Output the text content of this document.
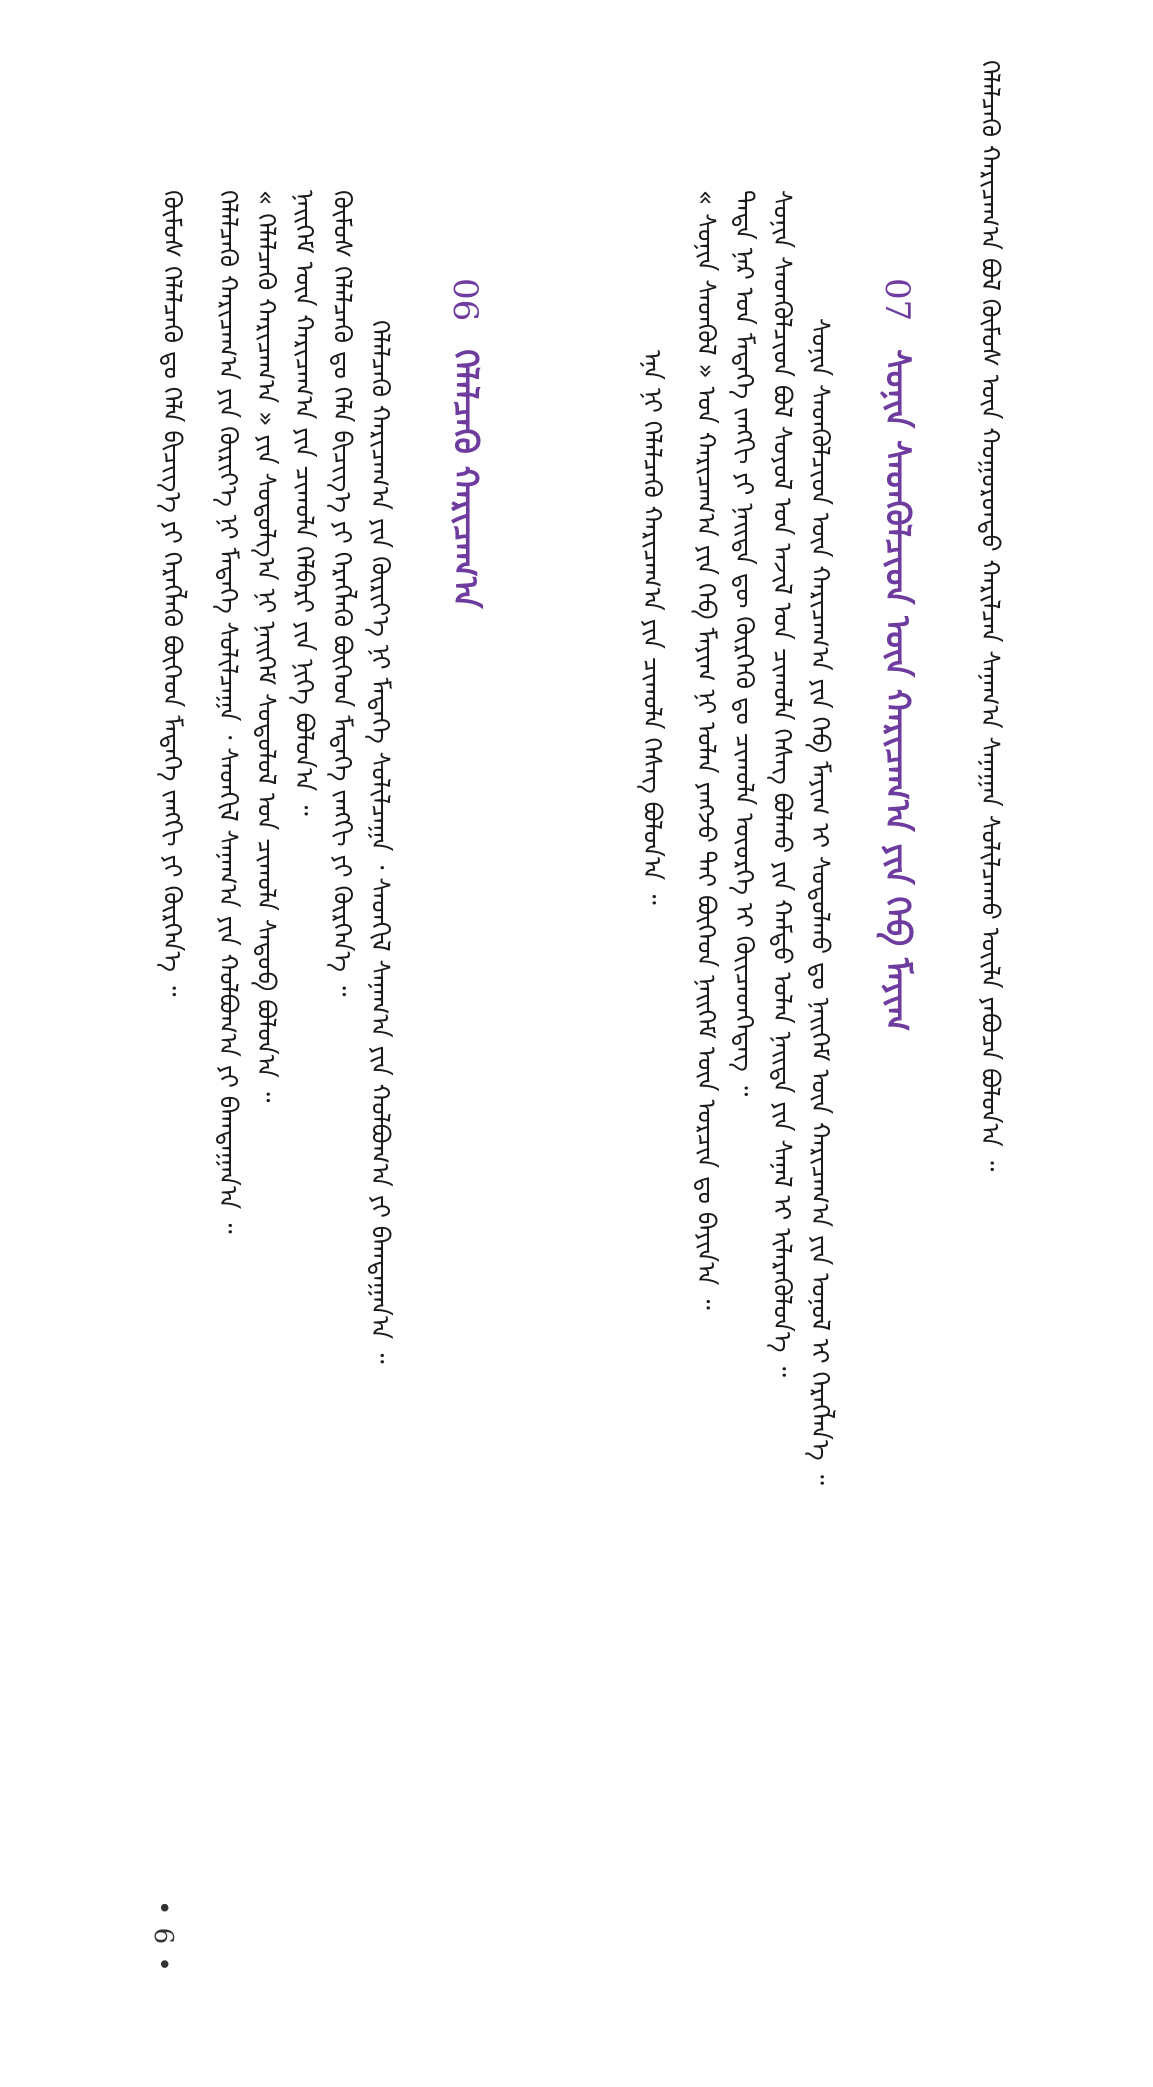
ᠬᠡᠯᠡᠯᠴᠡᠬᠦ ᠬᠠᠷᠢᠴᠠᠭ᠎ᠠ ᠪᠣᠯ ᠬᠦᠮᠦᠰ ᠦᠨ ᠬᠣᠭᠣᠷᠣᠨᠳᠣ ᠬᠠᠷᠢᠯᠴᠠᠨ ᠰᠠᠨᠠᠭ᠎ᠠ ᠰᠠᠨᠠᠭᠠᠨ ᠰᠣᠯᠢᠯᠴᠠᠬᠤ ᠦᠢᠯᠡ ᠶᠠᠪᠤᠴᠠ ᠪᠣᠯᠣᠨ᠎ᠠ ᠃
07 ᠰᠣᠨᠢᠨ ᠰᠡᠳᠬᠦᠯᠴᠢᠳ ᠦᠨ ᠬᠠᠷᠢᠴᠠᠭ᠎ᠠ ᠶᠢᠨ ᠬᠡᠪ ᠮᠠᠶᠢᠭ
ᠰᠣᠨᠢᠨ ᠰᠡᠳᠬᠦᠯᠴᠢᠳ ᠦᠨ ᠬᠠᠷᠢᠴᠠᠭ᠎ᠠ ᠶᠢᠨ ᠬᠡᠪ ᠮᠠᠶᠢᠭ ᠢ ᠰᠤᠳᠤᠯᠬᠤ ᠳᠤ ᠨᠡᠢᠭᠡᠮ ᠦᠨ ᠬᠠᠷᠢᠴᠠᠭ᠎ᠠ ᠶᠢᠨ ᠣᠨᠣᠯ ᠢ ᠬᠡᠷᠡᠭᠯᠡᠨ᠎ᠡ ᠃
ᠰᠣᠨᠢᠨ ᠰᠡᠳᠬᠦᠯᠴᠢᠳ ᠪᠣᠯ ᠰᠣᠶᠣᠯ ᠤᠨ ᠠᠵᠢᠯ ᠤᠨ ᠴᠢᠬᠤᠯᠠ ᠬᠡᠰᠡᠭ ᠪᠣᠯᠬᠤ ᠶᠢᠨ ᠬᠠᠮᠲᠤ ᠣᠯᠠᠨ ᠨᠡᠢᠲᠡ ᠶᠢᠨ ᠰᠠᠨᠠᠯ ᠢ ᠢᠯᠡᠷᠡᠬᠦᠯᠦᠨ᠎ᠡ ᠃
ᠲᠡᠳᠡ ᠨᠠᠷ ᠤᠨ ᠮᠡᠳᠡᠭᠡ ᠵᠠᠩᠭᠢ ᠶᠢ ᠨᠡᠢᠲᠡ ᠳᠦ ᠬᠦᠷᠭᠡᠬᠦ ᠳᠤ ᠴᠢᠬᠤᠯᠠ ᠦᠦᠷᠭᠡ ᠢ ᠭᠦᠢᠴᠡᠳᠭᠡᠳᠡᠭ ᠃
« ᠰᠣᠨᠢᠨ ᠰᠡᠳᠬᠦᠯ » ᠤᠨ ᠬᠠᠷᠢᠴᠠᠭ᠎ᠠ ᠶᠢᠨ ᠬᠡᠪ ᠮᠠᠶᠢᠭ ᠨᠢ ᠣᠯᠠᠨ ᠶᠠᠩᠵᠤ ᠲᠠᠢ ᠪᠥᠭᠡᠳ ᠨᠡᠢᠭᠡᠮ ᠦᠨ ᠣᠷᠴᠢᠨ ᠳᠤ ᠪᠠᠶᠢᠨ᠎ᠠ ᠃
ᠡᠨᠡ ᠨᠢ ᠬᠡᠯᠡᠯᠴᠡᠬᠦ ᠬᠠᠷᠢᠴᠠᠭ᠎ᠠ ᠶᠢᠨ ᠴᠢᠬᠤᠯᠠ ᠬᠡᠰᠡᠭ ᠪᠣᠯᠣᠨ᠎ᠠ ᠃
06 ᠬᠡᠯᠡᠯᠴᠡᠬᠦ ᠬᠠᠷᠢᠴᠠᠭ᠎ᠠ
ᠬᠡᠯᠡᠯᠴᠡᠬᠦ ᠬᠠᠷᠢᠴᠠᠭ᠎ᠠ ᠶᠢᠨ ᠬᠦᠷᠢᠶ᠎ᠡ ᠨᠢ ᠮᠡᠳᠡᠭᠡ ᠰᠣᠯᠢᠯᠴᠠᠭᠠ ᠂ ᠰᠡᠳᠬᠢᠯ ᠰᠠᠨᠠᠭ᠎ᠠ ᠶᠢᠨ ᠬᠣᠯᠪᠣᠭ᠎ᠠ ᠶᠢ ᠪᠠᠭᠲᠠᠭᠠᠨ᠎ᠠ ᠃
ᠬᠦᠮᠦᠰ ᠬᠡᠯᠡᠯᠴᠡᠬᠦ ᠳᠤ ᠬᠡᠯᠡ ᠪᠢᠴᠢᠭ᠎ᠡ ᠶᠢ ᠬᠡᠷᠡᠭᠯᠡᠬᠦ ᠪᠥᠭᠡᠳ ᠮᠡᠳᠡᠭᠡ ᠵᠠᠩᠭᠢ ᠶᠢ ᠬᠦᠷᠭᠡᠨ᠎ᠡ ᠃
ᠨᠡᠢᠭᠡᠮ ᠦᠨ ᠬᠠᠷᠢᠴᠠᠭ᠎ᠠ ᠶᠢᠨ ᠴᠢᠬᠤᠯᠠ ᠬᠡᠯᠪᠡᠷᠢ ᠶᠢᠨ ᠨᠢᠭᠡ ᠪᠣᠯᠣᠨ᠎ᠠ ᠃
« ᠬᠡᠯᠡᠯᠴᠡᠬᠦ ᠬᠠᠷᠢᠴᠠᠭ᠎ᠠ » ᠶᠢᠨ ᠰᠤᠳᠤᠯᠭ᠎ᠠ ᠨᠢ ᠨᠡᠢᠭᠡᠮ ᠰᠤᠳᠤᠯᠤᠯ ᠤᠨ ᠴᠢᠬᠤᠯᠠ ᠰᠡᠳᠦᠪ ᠪᠣᠯᠣᠨ᠎ᠠ ᠃
ᠬᠡᠯᠡᠯᠴᠡᠬᠦ ᠬᠠᠷᠢᠴᠠᠭ᠎ᠠ ᠶᠢᠨ ᠬᠦᠷᠢᠶ᠎ᠡ ᠨᠢ ᠮᠡᠳᠡᠭᠡ ᠰᠣᠯᠢᠯᠴᠠᠭᠠ ᠂ ᠰᠡᠳᠬᠢᠯ ᠰᠠᠨᠠᠭ᠎ᠠ ᠶᠢᠨ ᠬᠣᠯᠪᠣᠭ᠎ᠠ ᠶᠢ ᠪᠠᠭᠲᠠᠭᠠᠨ᠎ᠠ ᠃
ᠬᠦᠮᠦᠰ ᠬᠡᠯᠡᠯᠴᠡᠬᠦ ᠳᠤ ᠬᠡᠯᠡ ᠪᠢᠴᠢᠭ᠎ᠡ ᠶᠢ ᠬᠡᠷᠡᠭᠯᠡᠬᠦ ᠪᠥᠭᠡᠳ ᠮᠡᠳᠡᠭᠡ ᠵᠠᠩᠭᠢ ᠶᠢ ᠬᠦᠷᠭᠡᠨ᠎ᠡ ᠃
• 6 •
